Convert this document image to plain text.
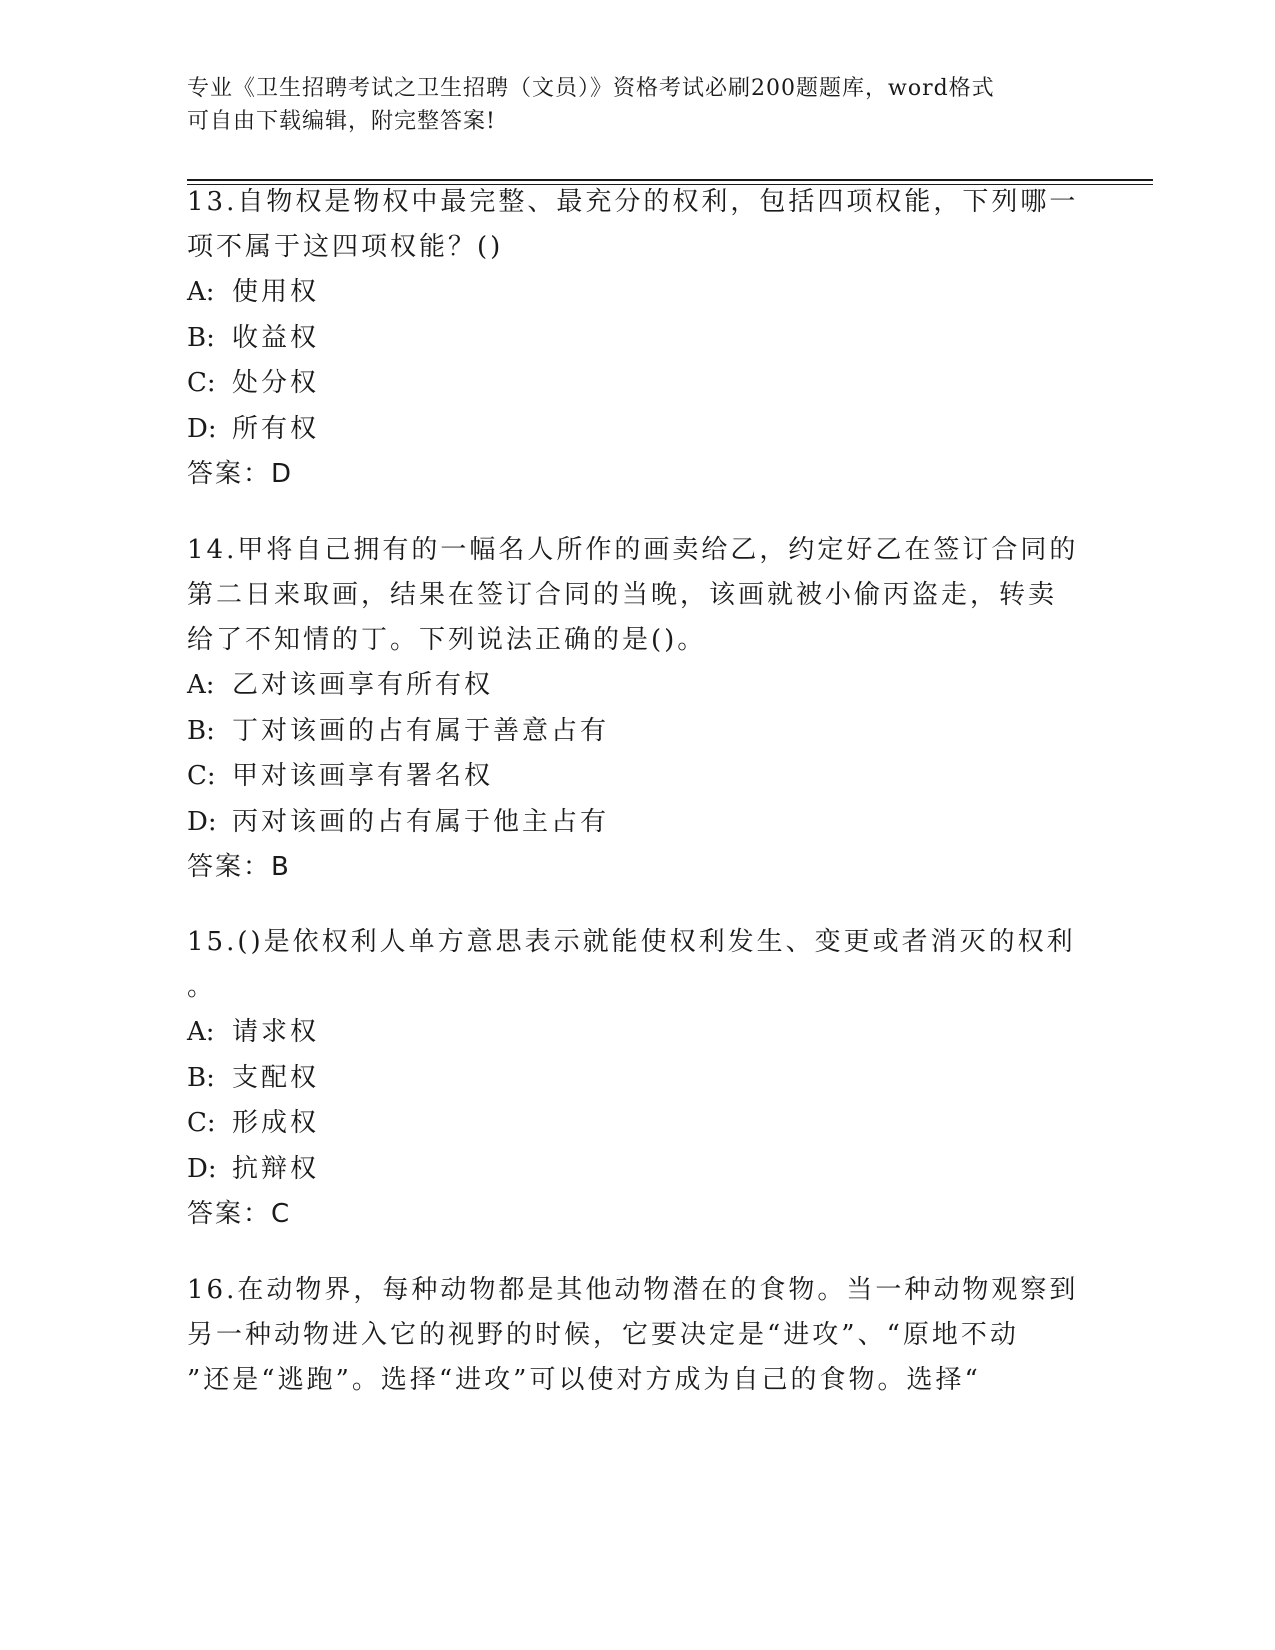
专业《卫生招聘考试之卫生招聘（文员）》资格考试必刷200题题库，word格式
可自由下载编辑，附完整答案!
13.自物权是物权中最完整、最充分的权利，包括四项权能，下列哪一
项不属于这四项权能？()
A: 使用权
B: 收益权
C: 处分权
D: 所有权
答案：D
14.甲将自己拥有的一幅名人所作的画卖给乙，约定好乙在签订合同的
第二日来取画，结果在签订合同的当晚，该画就被小偷丙盗走，转卖
给了不知情的丁。下列说法正确的是()。
A: 乙对该画享有所有权
B: 丁对该画的占有属于善意占有
C: 甲对该画享有署名权
D: 丙对该画的占有属于他主占有
答案：B
15.()是依权利人单方意思表示就能使权利发生、变更或者消灭的权利
。
A: 请求权
B: 支配权
C: 形成权
D: 抗辩权
答案：C
16.在动物界，每种动物都是其他动物潜在的食物。当一种动物观察到
另一种动物进入它的视野的时候，它要决定是“进攻”、“原地不动
”还是“逃跑”。选择“进攻”可以使对方成为自己的食物。选择“
